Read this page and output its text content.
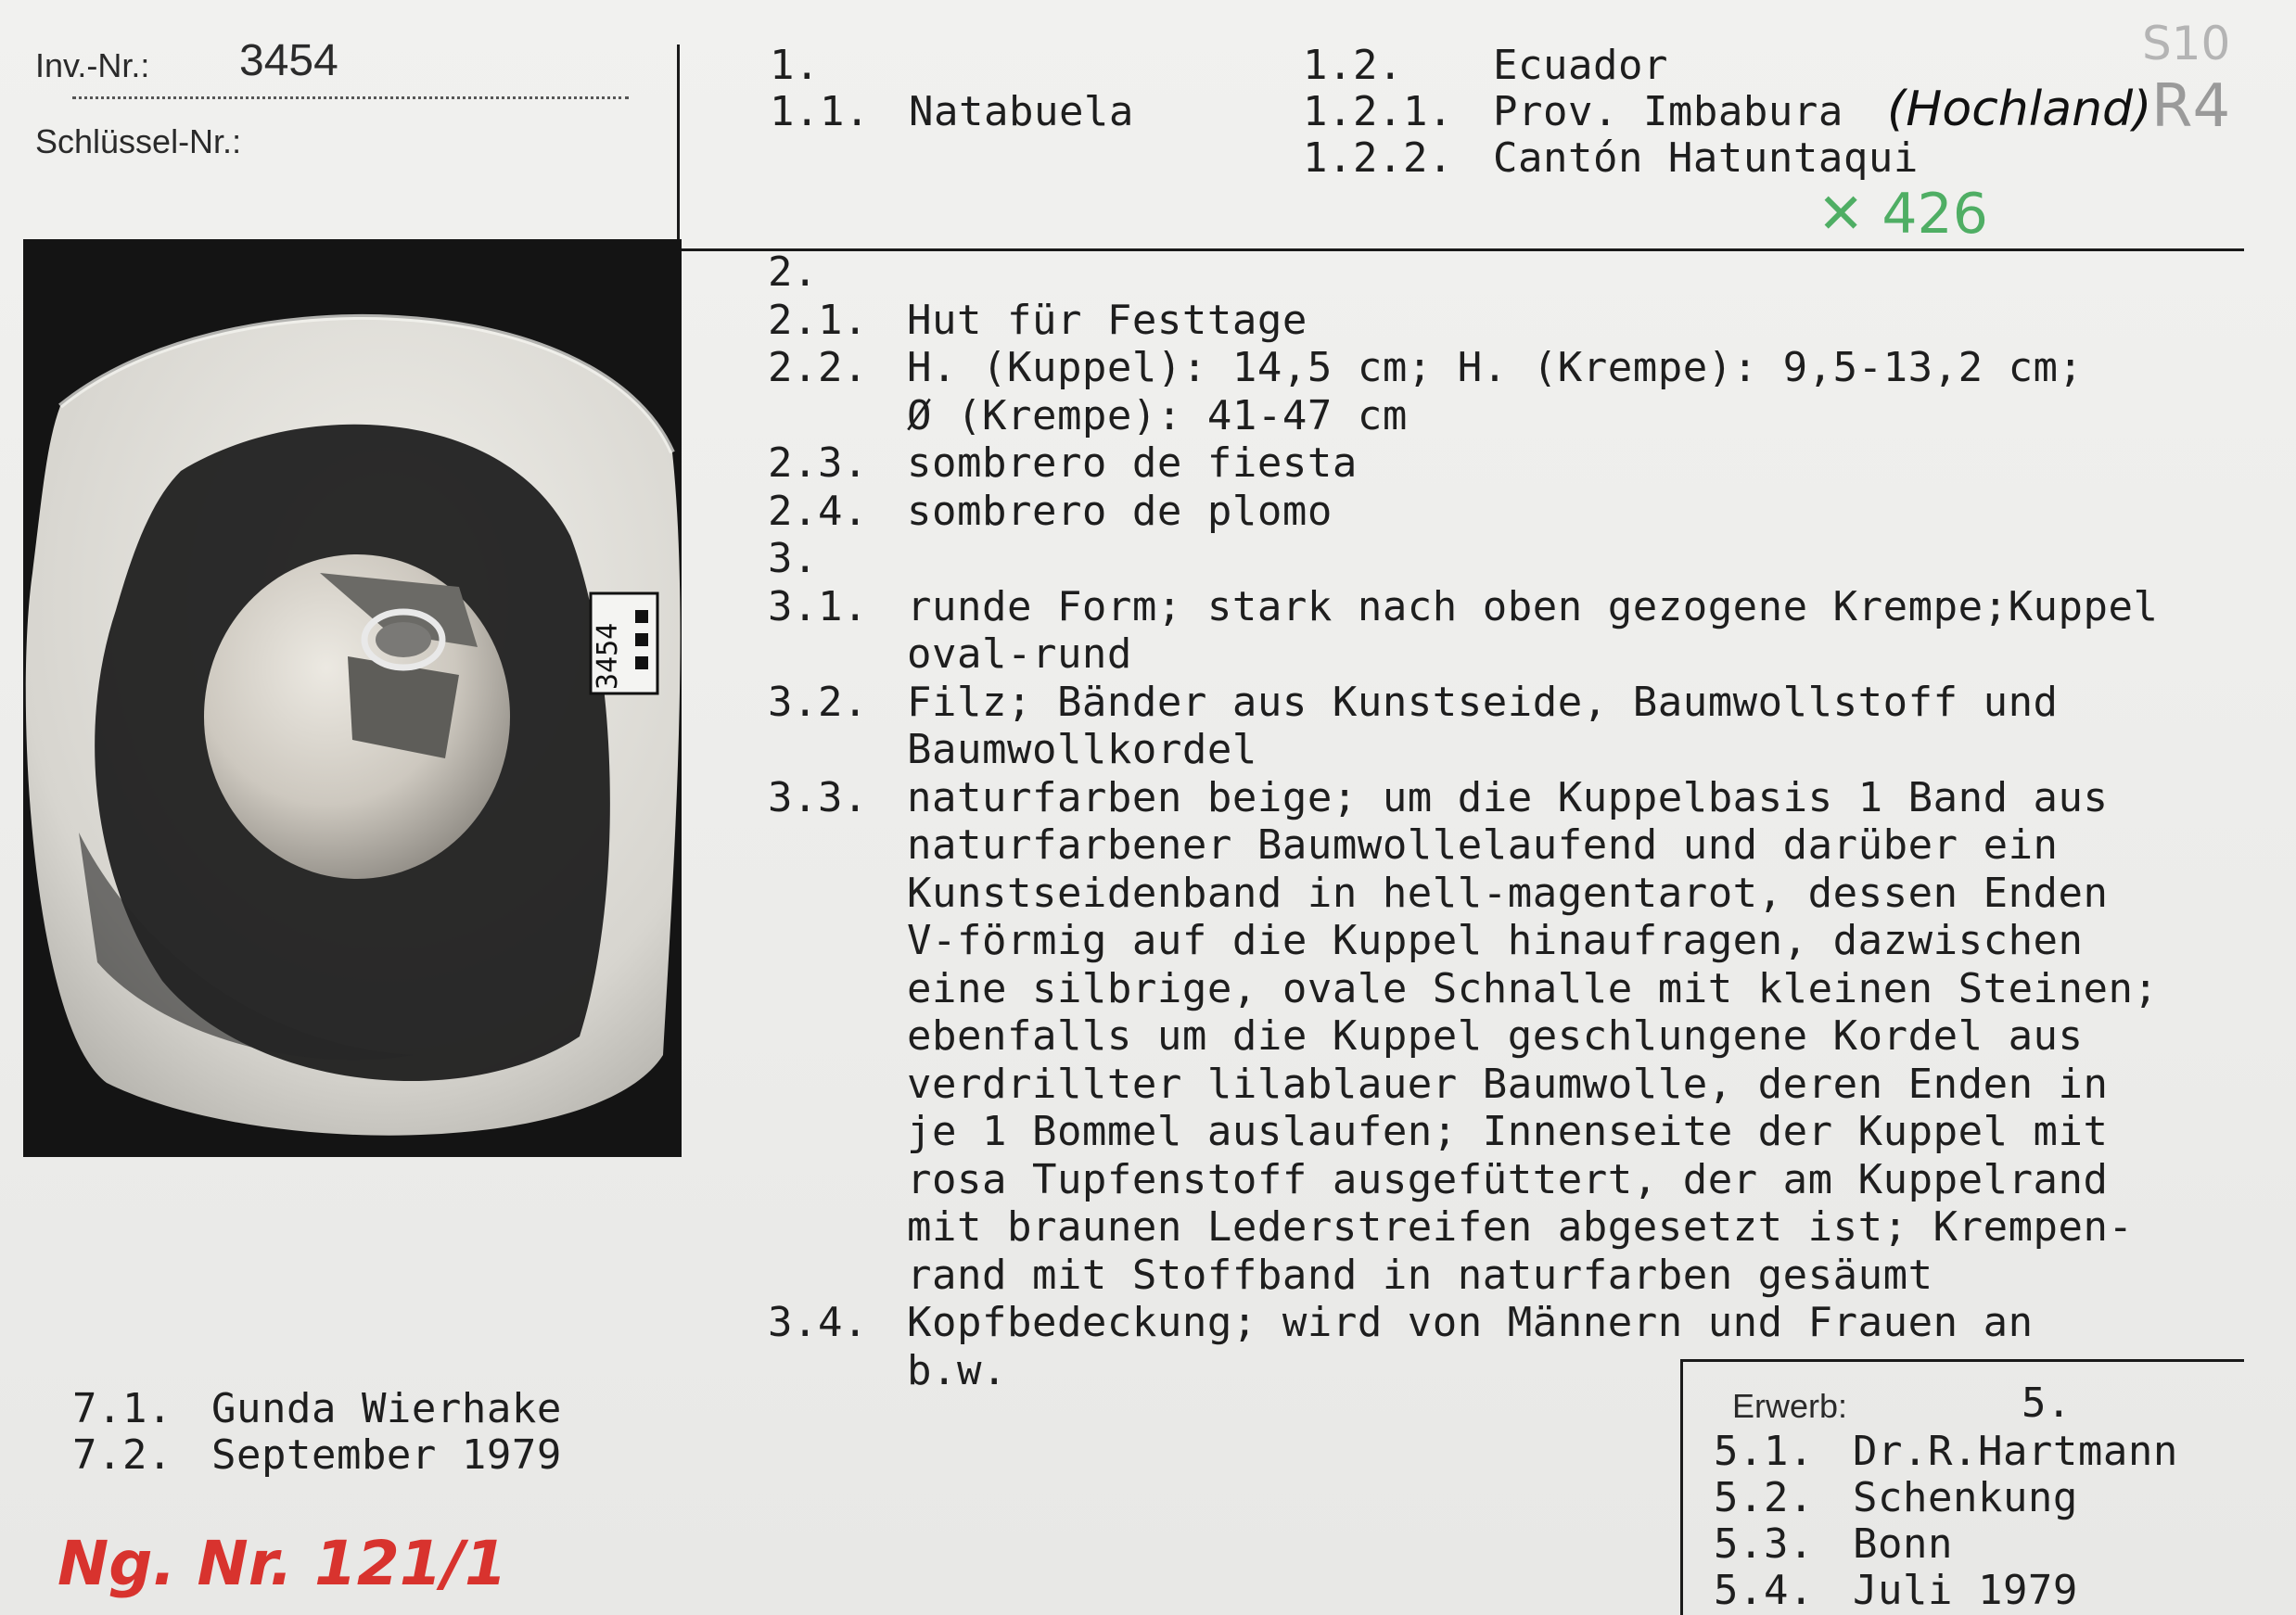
Inv.-Nr.: 3454
Schlüssel-Nr.:
1.
1.1. Natabuela
1.2. Ecuador
1.2.1. Prov. Imbabura
1.2.2. Cantón Hatuntaqui
(Hochland) R4
S10
✕ 426
3454
2.
2.1. Hut für Festtage
2.2. H. (Kuppel): 14,5 cm; H. (Krempe): 9,5-13,2 cm;
Ø (Krempe): 41-47 cm
2.3. sombrero de fiesta
2.4. sombrero de plomo
3.
3.1. runde Form; stark nach oben gezogene Krempe;Kuppel
oval-rund
3.2. Filz; Bänder aus Kunstseide, Baumwollstoff und
Baumwollkordel
3.3. naturfarben beige; um die Kuppelbasis 1 Band aus
naturfarbener Baumwollelaufend und darüber ein
Kunstseidenband in hell-magentarot, dessen Enden
V-förmig auf die Kuppel hinaufragen, dazwischen
eine silbrige, ovale Schnalle mit kleinen Steinen;
ebenfalls um die Kuppel geschlungene Kordel aus
verdrillter lilablauer Baumwolle, deren Enden in
je 1 Bommel auslaufen; Innenseite der Kuppel mit
rosa Tupfenstoff ausgefüttert, der am Kuppelrand
mit braunen Lederstreifen abgesetzt ist; Krempen-
rand mit Stoffband in naturfarben gesäumt
3.4. Kopfbedeckung; wird von Männern und Frauen an
b.w.
7.1. Gunda Wierhake
7.2. September 1979
Ng. Nr. 121/1
Erwerb:	5.
5.1. Dr.R.Hartmann
5.2. Schenkung
5.3. Bonn
5.4. Juli 1979
